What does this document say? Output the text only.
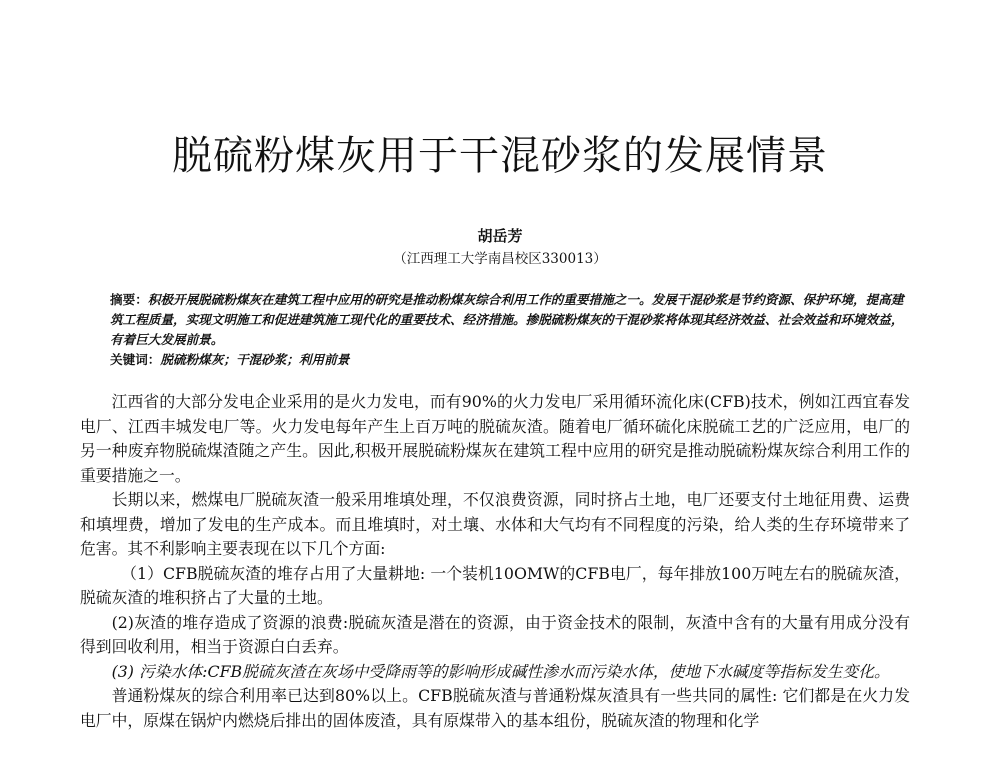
脱硫粉煤灰用于干混砂浆的发展情景
胡岳芳
（江西理工大学南昌校区330013）

摘要：积极开展脱硫粉煤灰在建筑工程中应用的研究是推动粉煤灰综合利用工作的重要措施之一。发展干混砂浆是节约资源、保护环境，提高建筑工程质量，实现文明施工和促进建筑施工现代化的重要技术、经济措施。掺脱硫粉煤灰的干混砂浆将体现其经济效益、社会效益和环境效益，有着巨大发展前景。

关键词：脱硫粉煤灰；干混砂浆；利用前景

江西省的大部分发电企业采用的是火力发电，而有90%的火力发电厂采用循环流化床(CFB)技术，例如江西宜春发电厂、江西丰城发电厂等。火力发电每年产生上百万吨的脱硫灰渣。随着电厂循环硫化床脱硫工艺的广泛应用，电厂的另一种废弃物脱硫煤渣随之产生。因此,积极开展脱硫粉煤灰在建筑工程中应用的研究是推动脱硫粉煤灰综合利用工作的重要措施之一。

长期以来，燃煤电厂脱硫灰渣一般采用堆填处理，不仅浪费资源，同时挤占土地，电厂还要支付土地征用费、运费和填埋费，增加了发电的生产成本。而且堆填时，对土壤、水体和大气均有不同程度的污染，给人类的生存环境带来了危害。其不利影响主要表现在以下几个方面:

（1）CFB脱硫灰渣的堆存占用了大量耕地: 一个装机10OMW的CFB电厂，每年排放100万吨左右的脱硫灰渣，脱硫灰渣的堆积挤占了大量的土地。

(2)灰渣的堆存造成了资源的浪费:脱硫灰渣是潜在的资源，由于资金技术的限制，灰渣中含有的大量有用成分没有得到回收利用，相当于资源白白丢弃。

(3) 污染水体:CFB脱硫灰渣在灰场中受降雨等的影响形成碱性渗水而污染水体，使地下水碱度等指标发生变化。

普通粉煤灰的综合利用率已达到80%以上。CFB脱硫灰渣与普通粉煤灰渣具有一些共同的属性: 它们都是在火力发电厂中，原煤在锅炉内燃烧后排出的固体废渣，具有原煤带入的基本组份，脱硫灰渣的物理和化学
